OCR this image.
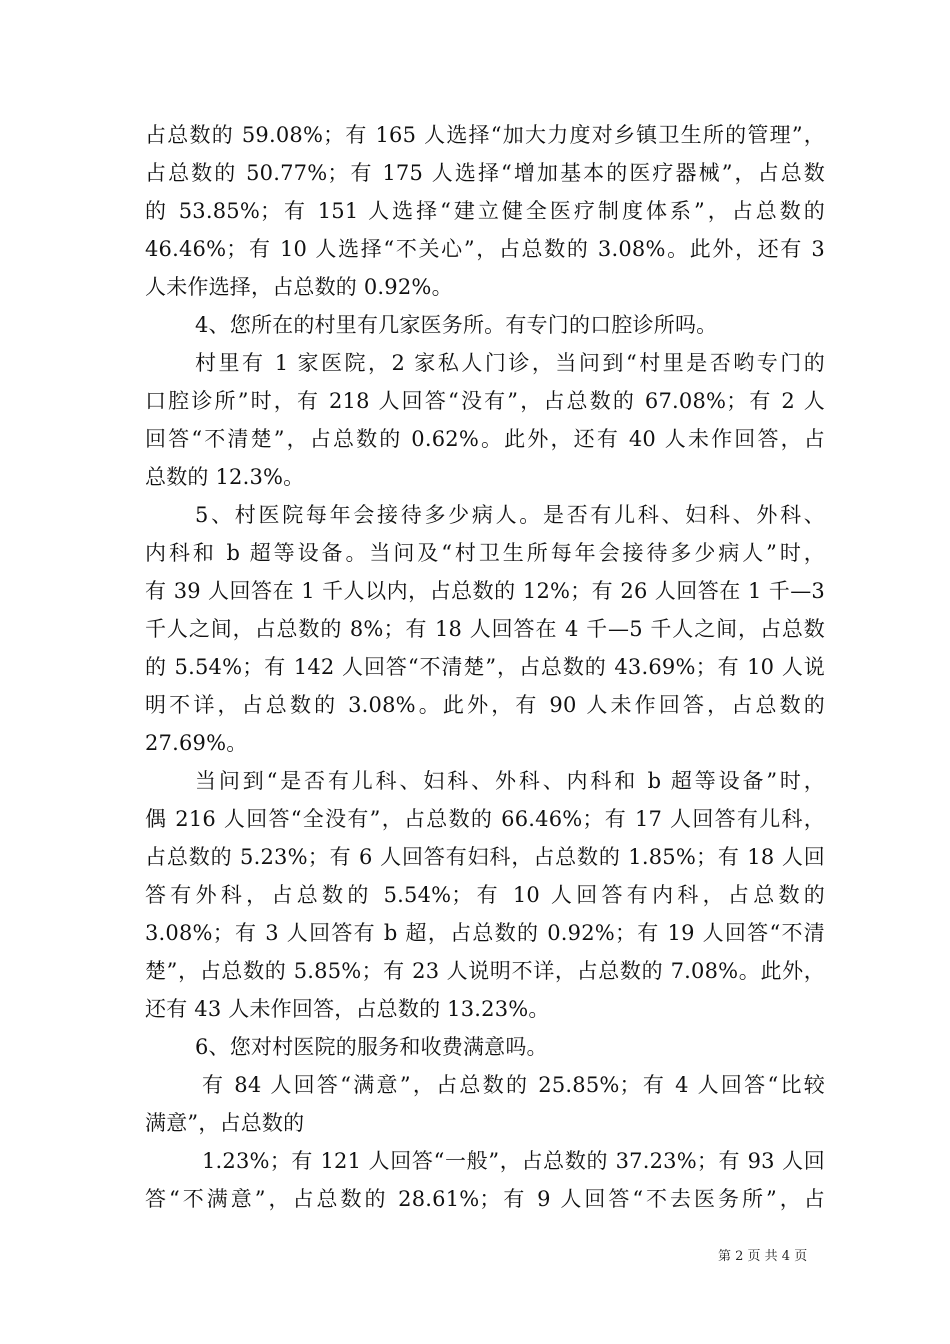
占总数的 59.08%；有 165 人选择“加大力度对乡镇卫生所的管理”，
占总数的 50.77%；有 175 人选择“增加基本的医疗器械”，占总数
的 53.85%；有 151 人选择“建立健全医疗制度体系”，占总数的
46.46%；有 10 人选择“不关心”，占总数的 3.08%。此外，还有 3
人未作选择，占总数的 0.92%。
4、您所在的村里有几家医务所。有专门的口腔诊所吗。
村里有 1 家医院，2 家私人门诊，当问到“村里是否哟专门的
口腔诊所”时，有 218 人回答“没有”，占总数的 67.08%；有 2 人
回答“不清楚”，占总数的 0.62%。此外，还有 40 人未作回答，占
总数的 12.3%。
5、村医院每年会接待多少病人。是否有儿科、妇科、外科、
内科和 b 超等设备。当问及“村卫生所每年会接待多少病人”时，
有 39 人回答在 1 千人以内，占总数的 12%；有 26 人回答在 1 千—3
千人之间，占总数的 8%；有 18 人回答在 4 千—5 千人之间，占总数
的 5.54%；有 142 人回答“不清楚”，占总数的 43.69%；有 10 人说
明不详，占总数的 3.08%。此外，有 90 人未作回答，占总数的
27.69%。
当问到“是否有儿科、妇科、外科、内科和 b 超等设备”时，
偶 216 人回答“全没有”，占总数的 66.46%；有 17 人回答有儿科，
占总数的 5.23%；有 6 人回答有妇科，占总数的 1.85%；有 18 人回
答有外科，占总数的 5.54%；有 10 人回答有内科，占总数的
3.08%；有 3 人回答有 b 超，占总数的 0.92%；有 19 人回答“不清
楚”，占总数的 5.85%；有 23 人说明不详，占总数的 7.08%。此外，
还有 43 人未作回答，占总数的 13.23%。
6、您对村医院的服务和收费满意吗。
有 84 人回答“满意”，占总数的 25.85%；有 4 人回答“比较
满意”，占总数的
1.23%；有 121 人回答“一般”，占总数的 37.23%；有 93 人回
答“不满意”，占总数的 28.61%；有 9 人回答“不去医务所”，占
第 2 页 共 4 页
